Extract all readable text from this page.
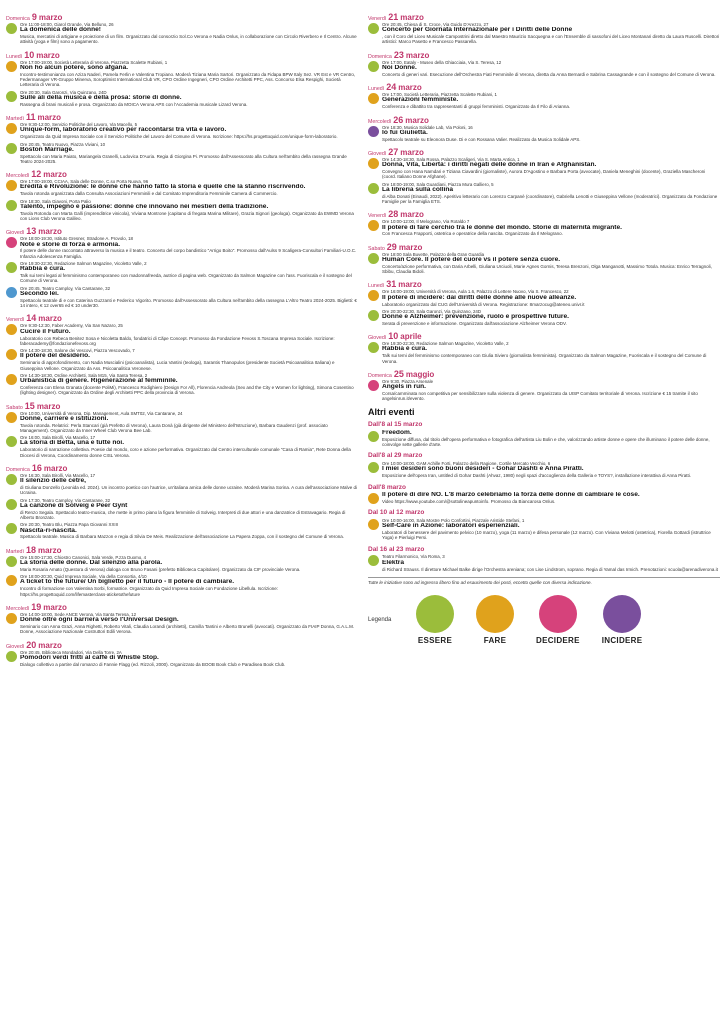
Domenica 9 marzo
Ore 11:00-18:00, Giarol Grande, Via Belluno, 26
La domenica delle donne!
Musica, mercatini di artigiane e proiezione di un film. Organizzato dal consorzio Sol.Co Verona e Nadia Onlus, in collaborazione con Circolo Riverbero e Il Centro. Alcune attività (yoga e film) sono a pagamento.
Lunedì 10 marzo
Ore 17:00-19:00, Società Letteraria di Verona, Piazzetta Scalette Rubiani, 1
Non ho alcun potere, sono afgana.
Incontro-testimonianza con Aziza Naderi, Pamela Ferlin e Valentina Tropiano. Moderà Tiziana Maria Sartori. Organizzato da Fidapa BPW Italy Sez. VR Est e VR Centro, Federmanager VR-Gruppo Minerva, Soroptimist International Club VR, CPO Ordine Ingegneri, CPO Ordine Architetti PPC, Ass. Concorso Elsa Respighi, Società Letteraria di Verona.
Ore 20:30, Sala Garonzi, Via Quinzano, 24D
Sulle ali della musica e della prosa: storie di donne.
Rassegna di brani musicali e prosa. Organizzato da MOICA Verona APS con l'Accademia musicale Lizard Verona.
Martedì 11 marzo
Ore 9:30-12:00, Servizio Politiche del Lavoro, Via Macello, 5
Unique-form, laboratorio creativo per raccontarsi tra vita e lavoro.
Organizzato da Quid Impresa Sociale con il Servizio Politiche del Lavoro del Comune di Verona. Iscrizione: https://hs.progettoquid.com/unique-form-laboratorio.
Ore 20:45, Teatro Nuovo, Piazza Viviani, 10
Boston Marriage.
Spettacolo con Maria Paiato, Mariangela Granelli, Ludovica D'Auria. Regia di Giorgina Pi. Promosso dall'Assessorato alla Cultura nell'ambito della rassegna Grande Teatro 2024-2025.
Mercoledì 12 marzo
Ore 17:00-19:00, CCIAA, Sala delle Donne, C.so Porta Nuova, 96
Eredità e Rivoluzione: le donne che hanno fatto la storia e quelle che la stanno riscrivendo.
Tavola rotonda organizzata dalla Consulta Associazioni Femminili e dal Comitato Imprenditoria Femminile Camera di Commercio.
Ore 18:30, Sala Giavoni, Porta Palio
Talento, impegno e passione: donne che innovano nei mestieri della tradizione.
Tavola Rotonda con Marta Galli (imprenditrice vinicola), Viviana Montrone (capitano di fregata Marina Militare), Grazia Signori (geologa). Organizzato da EWMD Verona con Lions Club Verona Galileo.
Giovedì 13 marzo
Ore 18:00-19:30, Istituto Gresner, Stradone A. Provolo, 18
Note e storie di forza e armonia.
Il potere delle donne raccontato attraverso la musica e il teatro. Concerto del corpo bandistico "Arrigo Boito". Promosso dall'Aulss 9 Scaligera-Consultori Familiari-U.O.C. Infanzia Adolescenza Famiglia.
Ore 19:30-22:30, Redazione Salmon Magazine, Vicoletto Valle, 2
Rabbia è cura.
Talk sui temi legati al femminismo contemporaneo con madonnafreeda, autrice di pagina web. Organizzato da Salmon Magazine con l'ass. Fuoriscala e il sostegno del Comune di Verona.
Ore 20:45, Teatro Camploy, Via Cantarane, 32
Secondo lei.
Spettacolo teatrale di e con Caterina Guzzanti e Federico Vigorito. Promosso dall'Assessorato alla Cultura nell'ambito della rassegna L'Altro Teatro 2024-2025. Biglietti: € 14 intero, € 12 over65 ed € 10 under30.
Venerdì 14 marzo
Ore 9:30-12:30, Faber Academy, Via San Nazaro, 25
Cucire il Futuro.
Laboratorio con Rebeca Benitez Sosa e Nicoletta Baldo, fondatrici di Cãpe Concept. Promosso da Fondazione Fevoss S.Toscana Impresa Sociale. Iscrizione: faberacademy@fondazionefevoss.org
Ore 14:30-18:30, Salone dei Vescovi, Piazza Vescovado, 7
Il potere del desiderio.
Seminario di approfondimento, con Nadia Muscialini (psicoanalista), Lucia Vantini (teologa), Sarantis Thanopulos (presidente Società Psicoanalitica Italiana) e Giuseppina Vellone. Organizzato da Ass. Psicoanalitica Veronese.
Ore 14:30-18:30, Ordine Architetti, Sala M15, Via Santa Teresa, 2
Urbanistica di genere. Rigenerazione al femminile.
Conferenza con Elena Granata (docente PoliMi), Francesco Rodighiero (Design For All), Florencia Andreola (Sex and the City e Women for lighting), Simona Cosentino (lighting designer). Organizzato da Ordine degli Architetti PPC della provincia di Verona.
Sabato 15 marzo
Ore 10:00, Università di Verona, Dip. Management, Aula SMT02, Via Cantarane, 24
Donne, carriere e istituzioni.
Tavola rotonda. Relatrici: Perla Stancari (già Prefetto di Verona), Laura Donà (già dirigente del Ministero dell'Istruzione), Barbara Gaudenzi (prof. associato Management). Organizzato da Inner Wheel Club Verona Bee Lab.
Ore 16:00, Sala Birolli, Via Macello, 17
La storia di Betta, una e tutte noi.
Laboratorio di narrazione collettiva. Poesie dal mondo, coro e azione performativa. Organizzato dal Centro interculturale comunale "Casa di Ramia", Rete Donna della Diocesi di Verona, Coordinamento donne CISL Verona.
Domenica 16 marzo
Ore 16:30, Sala Birolli, Via Macello, 17
Il silenzio delle cetre,
di Giuliana Donzello (Leonida ed. 2024). Un incontro poetico con l'autrice, un'italiana amica delle donne ucraine. Moderà Marina Sorina. A cura dell'associazione Malve di Ucraina.
Ore 17:30, Teatro Camploy, Via Cantarane, 32
La canzone di Solveig e Peer Gynt
di Renzo Segala. Spettacolo teatro-musica, che mette in primo piano la figura femminile di Solveig. Interpreti di due attori e una danzatrice di Estravagario. Regia di Alberto Bronzato.
Ore 20:30, Teatro Blu, Piazza Papa Giovanni XXIII
Nascita-ri-nascita.
Spettacolo teatrale. Musica di Barbara Mazzon e regia di Silvia De Meis. Realizzazione dell'associazione La Papera Zoppa, con il sostegno del Comune di Verona.
Martedì 18 marzo
Ore 15:00-17:30, Chiostro Canonici, Sala Verde, P.zza Duomo, 4
La storia delle donne. Dal silenzio alla parola.
Maria Rosaria Amato (Questora di Verona) dialoga con Bruno Fasani (prefetto Biblioteca Capitolare). Organizzato da CIF provinciale Verona.
Ore 18:00-20:30, Quid Impresa Sociale, Via della Consortia, 4/10
A ticket to the future/ Un biglietto per il futuro - Il potere di cambiare.
Incontro di formazione con Valentina Sorbi, formatrice. Organizzato da Quid Impresa Sociale con Fondazione Libellula. Iscrizione: https://hs.progettoquid.com/lifemasterclass-aticketothefuture
Mercoledì 19 marzo
Ore 14:00-18:00, Sede ANCE Verona, Via Santa Teresa, 12
Donne oltre ogni barriera verso l'Universal Design.
Seminario con Anna Grazi, Anna Righetti, Roberto Vitali, Claudia Lorandi (architetti), Camilla Tantini e Alberto Brunelli (avvocati). Organizzato da FIAIP Donna, G.A.L.M. Donne, Associazione Nazionale Costruttori Edili Verona.
Giovedì 20 marzo
Ore 20:45, Biblioteca Mondadori, Via Della Torre, 2A
Pomodori verdi fritti al caffè di Whistle Stop.
Dialogo collettivo a partire dal romanzo di Fannie Flagg (ed. Rizzoli, 2000). Organizzato da BOOB Book Club e Paradisea Book Club.
Venerdì 21 marzo
Ore 20:45, Chiesa di S. Croce, Via Guido D'Arezzo, 27
Concerto per Giornata Internazionale per i Diritti delle Donne
, con il Coro del Liceo Musicale Campostrini diretto dal Maestro Maurizio Sacquegna e con l'Ensemble di sassofoni del Liceo Montanari diretto da Laura Ruscelli. Direttori artistici: Marco Pasetto e Francesco Passarella.
Domenica 23 marzo
Ore 17:00, Eataly - Museo della Ghiacciaia, Via S. Teresa, 12
Noi Donne.
Concerto di generi vari. Esecuzione dell'Orchestra Fiati Femminile di Verona, diretta da Anna Bernardi e Sabrina Cassagrande e con il sostegno del Comune di Verona.
Lunedì 24 marzo
Ore 17:00, Società Letteraria, Piazzetta Scalette Rubiani, 1
Generazioni femministe.
Conferenza e dibattito tra rappresentanti di gruppi femministi. Organizzato da Il Filo di Arianna.
Mercoledì 26 marzo
Ore 18:30, Musica Solidale Lab, Via Poloni, 16
Io fui Giulietta.
Spettacolo teatrale su Eleonora Duse. Di e con Rossana Valier. Realizzato da Musica Solidale APS.
Giovedì 27 marzo
Ore 14:30-18:30, Sala Rossa, Palazzo Scaligeri, Via S. Marta Antica, 1
Donna, Vita, Libertà: i diritti negati delle donne in Iran e Afghanistan.
Convegno con Hana Namdari e Tiziana Ciavardini (giornaliste), Aurora D'Agostino e Barbara Porta (avvocate), Daniela Meneghini (docente), Graziella Mascheroni (coord. Italiano Donne Afghane).
Ore 18:00-19:00, Sala Guardiani, Piazza Mura Galliero, 5
La libreria sulla collina
di Alba Donati (Einaudi, 2022). Aperitivo letterario con Lorenzo Carpanè (coordinatore), Gabriella Lenotti e Giuseppina Vellone (moderatrici). Organizzato da Fondazione Famiglie per la Famiglia ETS.
Venerdì 28 marzo
Ore 10:00-12:00, Il Melograno, Via Rotaldo 7
Il potere di fare cerchio tra le donne del mondo. Storie di maternità migrante.
Con Francesca Frapporti, ostetrica e operatrice della nascita. Organizzato da Il Melograno.
Sabato 29 marzo
Ore 18:00 Sala Buvette, Palazzo della Gran Guardia
Human Core. Il potere del cuore vs il potere senza cuore.
Concerto/azione performativa, con Daria Arbelli, Giuliana Urciuoli, Marie Agnes Gornis, Teresa Brenzoni, Olga Manganotti, Massimo Totola. Musica: Enrico Terragnoli, Sbibu, Claudia Bidoli.
Lunedì 31 marzo
Ore 16:00-19:00, Università di Verona, Aula 1.6, Palazzo di Lettere Nuovo, Via S. Francesco, 22
Il potere di incidere: dai diritti delle donne alle nuove alleanze.
Laboratorio organizzato dal CUG dell'Università di Verona. Registrazione: 8marzocug@ateneo.univr.it
Ore 20:30-22:30, Sala Garonzi, Via Quinzano, 24D
Donne e Alzheimer: prevenzione, ruolo e prospettive future.
Serata di prevenzione e informazione. Organizzato dall'associazione Alzheimer Verona ODV.
Giovedì 10 aprile
Ore 19:30-22:30, Redazione Salmon Magazine, Vicoletto Valle, 2
Rabbia è cura.
Talk sui temi del femminismo contemporaneo con Giulia Siviero (giornalista femminista). Organizzato da Salmon Magazine, Fuoriscala e il sostegno del Comune di Verona.
Domenica 25 maggio
Ore 9:30, Piazza Arsenale
Angels in run.
Corsa/camminata non competitiva per sensibilizzare sulla violenza di genere. Organizzato da UISP Comitato territoriale di Verona. Iscrizione € 15 tramite il sito angelsinrun.it/evento.
Altri eventi
Dall'8 al 15 marzo
Freedom.
Esposizione diffusa, dal titolo dell'opera performativa e fotografica dell'artista Liu Bolin e che, valorizzando artiste donne e opere che illuminano il potere delle donne, coinvolge sette gallerie d'arte.
Dall'8 al 29 marzo
Ore 10:00-18:00, GAM Achille Forti, Palazzo della Ragione, Cortile Mercato Vecchio, 6
I miei desideri sono buoni desideri - Gohar Dashti e Anna Piratti.
Esposizione dell'opera Iran, untitled di Gohar Dashti (Ahvaz, 1980) negli spazi d'accoglienza della Galleria e TOYS?, installazione interattiva di Anna Piratti.
Dall'8 marzo
Il potere di dire NO. L'8 marzo celebriamo la forza delle donne di cambiare le cose.
Video https://www.youtube.com/@sottolineapuntoinfo. Promosso da Biancarosa Onlus.
Dal 10 al 12 marzo
Ore 10:00-16:00, Sala Mostre Polo Confortini, Piazzale Aristide Stefani, 1
Self-Care in Azione: laboratori esperienziali.
Laboratori di benessere del pavimento pelvico (10 marzo), yoga (11 marzo) e difesa personale (12 marzo). Con Viviana Melotti (ostetrica), Fiorella Gottardi (istruttrice Yoga) e Pierluigi Persi.
Dal 16 al 23 marzo
Teatro Filarmonico, Via Roma, 3
Elektra
di Richard Strauss. Il direttore Michael Balke dirige l'Orchestra areniana; con Lise Lindstrom, soprano. Regia di Yamal das Irmich. Prenotazioni: scuola@arenadiverona.it
Tutte le iniziative sono ad ingresso libero fino ad esaurimento dei posti, eccetto quelle con diversa indicazione.
Legenda
ESSERE	FARE	DECIDERE	INCIDERE
